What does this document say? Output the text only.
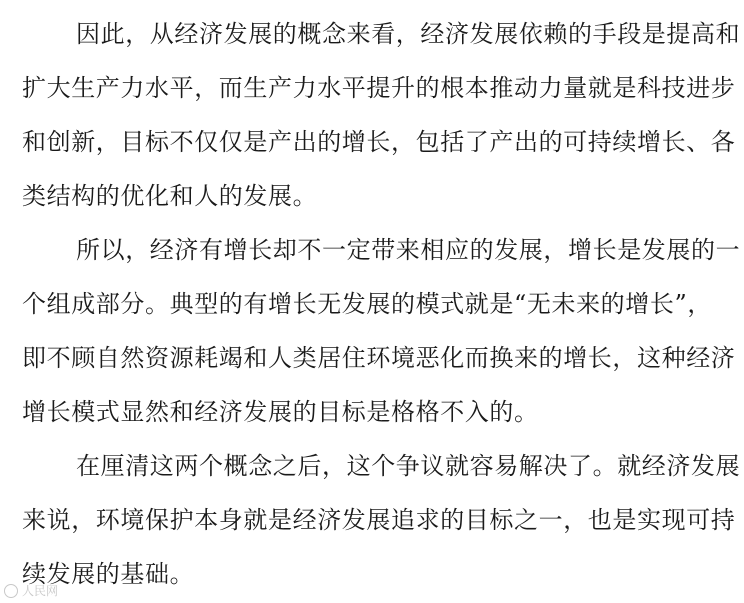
因此，从经济发展的概念来看，经济发展依赖的手段是提高和
扩大生产力水平，而生产力水平提升的根本推动力量就是科技进步
和创新，目标不仅仅是产出的增长，包括了产出的可持续增长、各
类结构的优化和人的发展。
所以，经济有增长却不一定带来相应的发展，增长是发展的一
个组成部分。典型的有增长无发展的模式就是“无未来的增长”，
即不顾自然资源耗竭和人类居住环境恶化而换来的增长，这种经济
增长模式显然和经济发展的目标是格格不入的。
在厘清这两个概念之后，这个争议就容易解决了。就经济发展
来说，环境保护本身就是经济发展追求的目标之一，也是实现可持
续发展的基础。
人民网
